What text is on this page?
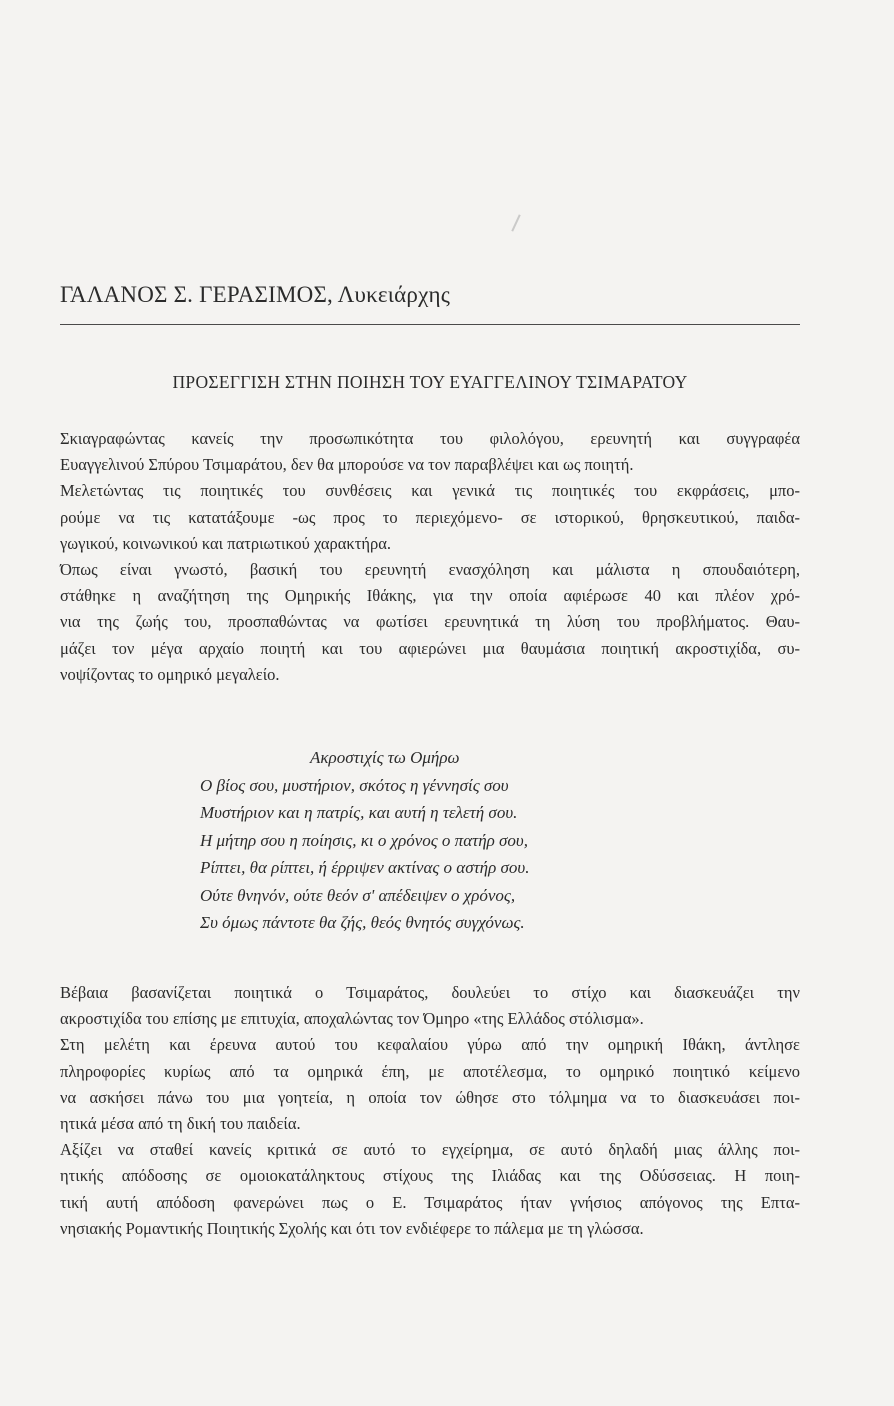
ΓΑΛΑΝΟΣ Σ. ΓΕΡΑΣΙΜΟΣ, Λυκειάρχης
ΠΡΟΣΕΓΓΙΣΗ ΣΤΗΝ ΠΟΙΗΣΗ ΤΟΥ ΕΥΑΓΓΕΛΙΝΟΥ ΤΣΙΜΑΡΑΤΟΥ
Σκιαγραφώντας κανείς την προσωπικότητα του φιλολόγου, ερευνητή και συγγραφέα
Ευαγγελινού Σπύρου Τσιμαράτου, δεν θα μπορούσε να τον παραβλέψει και ως ποιητή.
Μελετώντας τις ποιητικές του συνθέσεις και γενικά τις ποιητικές του εκφράσεις, μπο-
ρούμε να τις κατατάξουμε -ως προς το περιεχόμενο- σε ιστορικού, θρησκευτικού, παιδα-
γωγικού, κοινωνικού και πατριωτικού χαρακτήρα.
Όπως είναι γνωστό, βασική του ερευνητή ενασχόληση και μάλιστα η σπουδαιότερη,
στάθηκε η αναζήτηση της Ομηρικής Ιθάκης, για την οποία αφιέρωσε 40 και πλέον χρό-
νια της ζωής του, προσπαθώντας να φωτίσει ερευνητικά τη λύση του προβλήματος. Θαυ-
μάζει τον μέγα αρχαίο ποιητή και του αφιερώνει μια θαυμάσια ποιητική ακροστιχίδα, συ-
νοψίζοντας το ομηρικό μεγαλείο.
Ακροστιχίς τω Ομήρω
Ο βίος σου, μυστήριον, σκότος η γέννησίς σου
Μυστήριον και η πατρίς, και αυτή η τελετή σου.
Η μήτηρ σου η ποίησις, κι ο χρόνος ο πατήρ σου,
Ρίπτει, θα ρίπτει, ή έρριψεν ακτίνας ο αστήρ σου.
Ούτε θνηνόν, ούτε θεόν σ' απέδειψεν ο χρόνος,
Συ όμως πάντοτε θα ζής, θεός θνητός συγχόνως.
Βέβαια βασανίζεται ποιητικά ο Τσιμαράτος, δουλεύει το στίχο και διασκευάζει την
ακροστιχίδα του επίσης με επιτυχία, αποχαλώντας τον Όμηρο «της Ελλάδος στόλισμα».
Στη μελέτη και έρευνα αυτού του κεφαλαίου γύρω από την ομηρική Ιθάκη, άντλησε
πληροφορίες κυρίως από τα ομηρικά έπη, με αποτέλεσμα, το ομηρικό ποιητικό κείμενο
να ασκήσει πάνω του μια γοητεία, η οποία τον ώθησε στο τόλμημα να το διασκευάσει ποι-
ητικά μέσα από τη δική του παιδεία.
Αξίζει να σταθεί κανείς κριτικά σε αυτό το εγχείρημα, σε αυτό δηλαδή μιας άλλης ποι-
ητικής απόδοσης σε ομοιοκατάληκτους στίχους της Ιλιάδας και της Οδύσσειας. Η ποιη-
τική αυτή απόδοση φανερώνει πως ο Ε. Τσιμαράτος ήταν γνήσιος απόγονος της Επτα-
νησιακής Ρομαντικής Ποιητικής Σχολής και ότι τον ενδιέφερε το πάλεμα με τη γλώσσα.
